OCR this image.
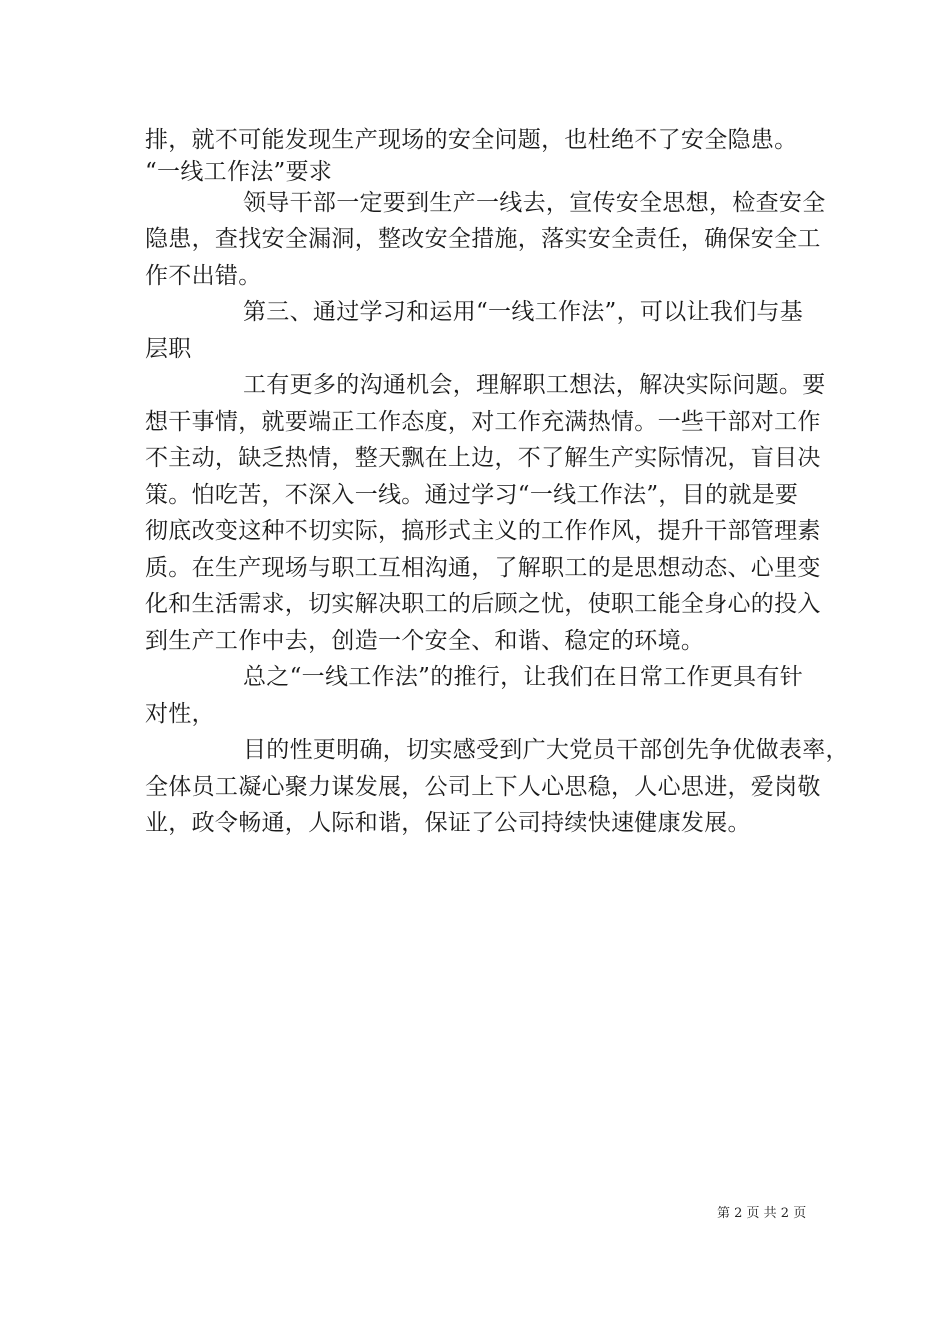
排，就不可能发现生产现场的安全问题，也杜绝不了安全隐患。
“一线工作法”要求
领导干部一定要到生产一线去，宣传安全思想，检查安全
隐患，查找安全漏洞，整改安全措施，落实安全责任，确保安全工
作不出错。
第三、通过学习和运用“一线工作法”，可以让我们与基
层职
工有更多的沟通机会，理解职工想法，解决实际问题。要
想干事情，就要端正工作态度，对工作充满热情。一些干部对工作
不主动，缺乏热情，整天飘在上边，不了解生产实际情况，盲目决
策。怕吃苦，不深入一线。通过学习“一线工作法”，目的就是要
彻底改变这种不切实际，搞形式主义的工作作风，提升干部管理素
质。在生产现场与职工互相沟通，了解职工的是思想动态、心里变
化和生活需求，切实解决职工的后顾之忧，使职工能全身心的投入
到生产工作中去，创造一个安全、和谐、稳定的环境。
总之“一线工作法”的推行，让我们在日常工作更具有针
对性，
目的性更明确，切实感受到广大党员干部创先争优做表率，
全体员工凝心聚力谋发展，公司上下人心思稳，人心思进，爱岗敬
业，政令畅通，人际和谐，保证了公司持续快速健康发展。
第 2 页 共 2 页
